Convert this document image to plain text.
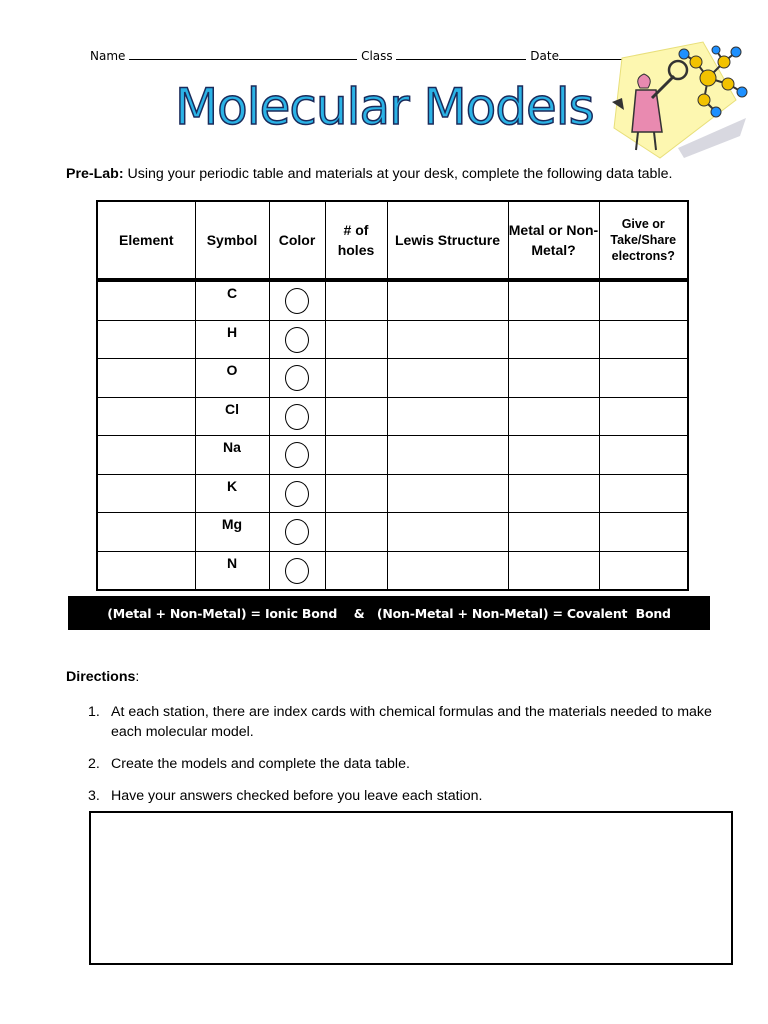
Name	Class	Date
Molecular Models
Pre-Lab: Using your periodic table and materials at your desk, complete the following data table.
Element	Symbol	Color	# of holes	Lewis Structure	Metal or Non-Metal?	Give or Take/Share electrons?
	C					
	H					
	O					
	Cl					
	Na					
	K					
	Mg					
	N					
(Metal + Non-Metal) = Ionic Bond    &   (Non-Metal + Non-Metal) = Covalent  Bond
Directions:
1. At each station, there are index cards with chemical formulas and the materials needed to make each molecular model.
2. Create the models and complete the data table.
3. Have your answers checked before you leave each station.
